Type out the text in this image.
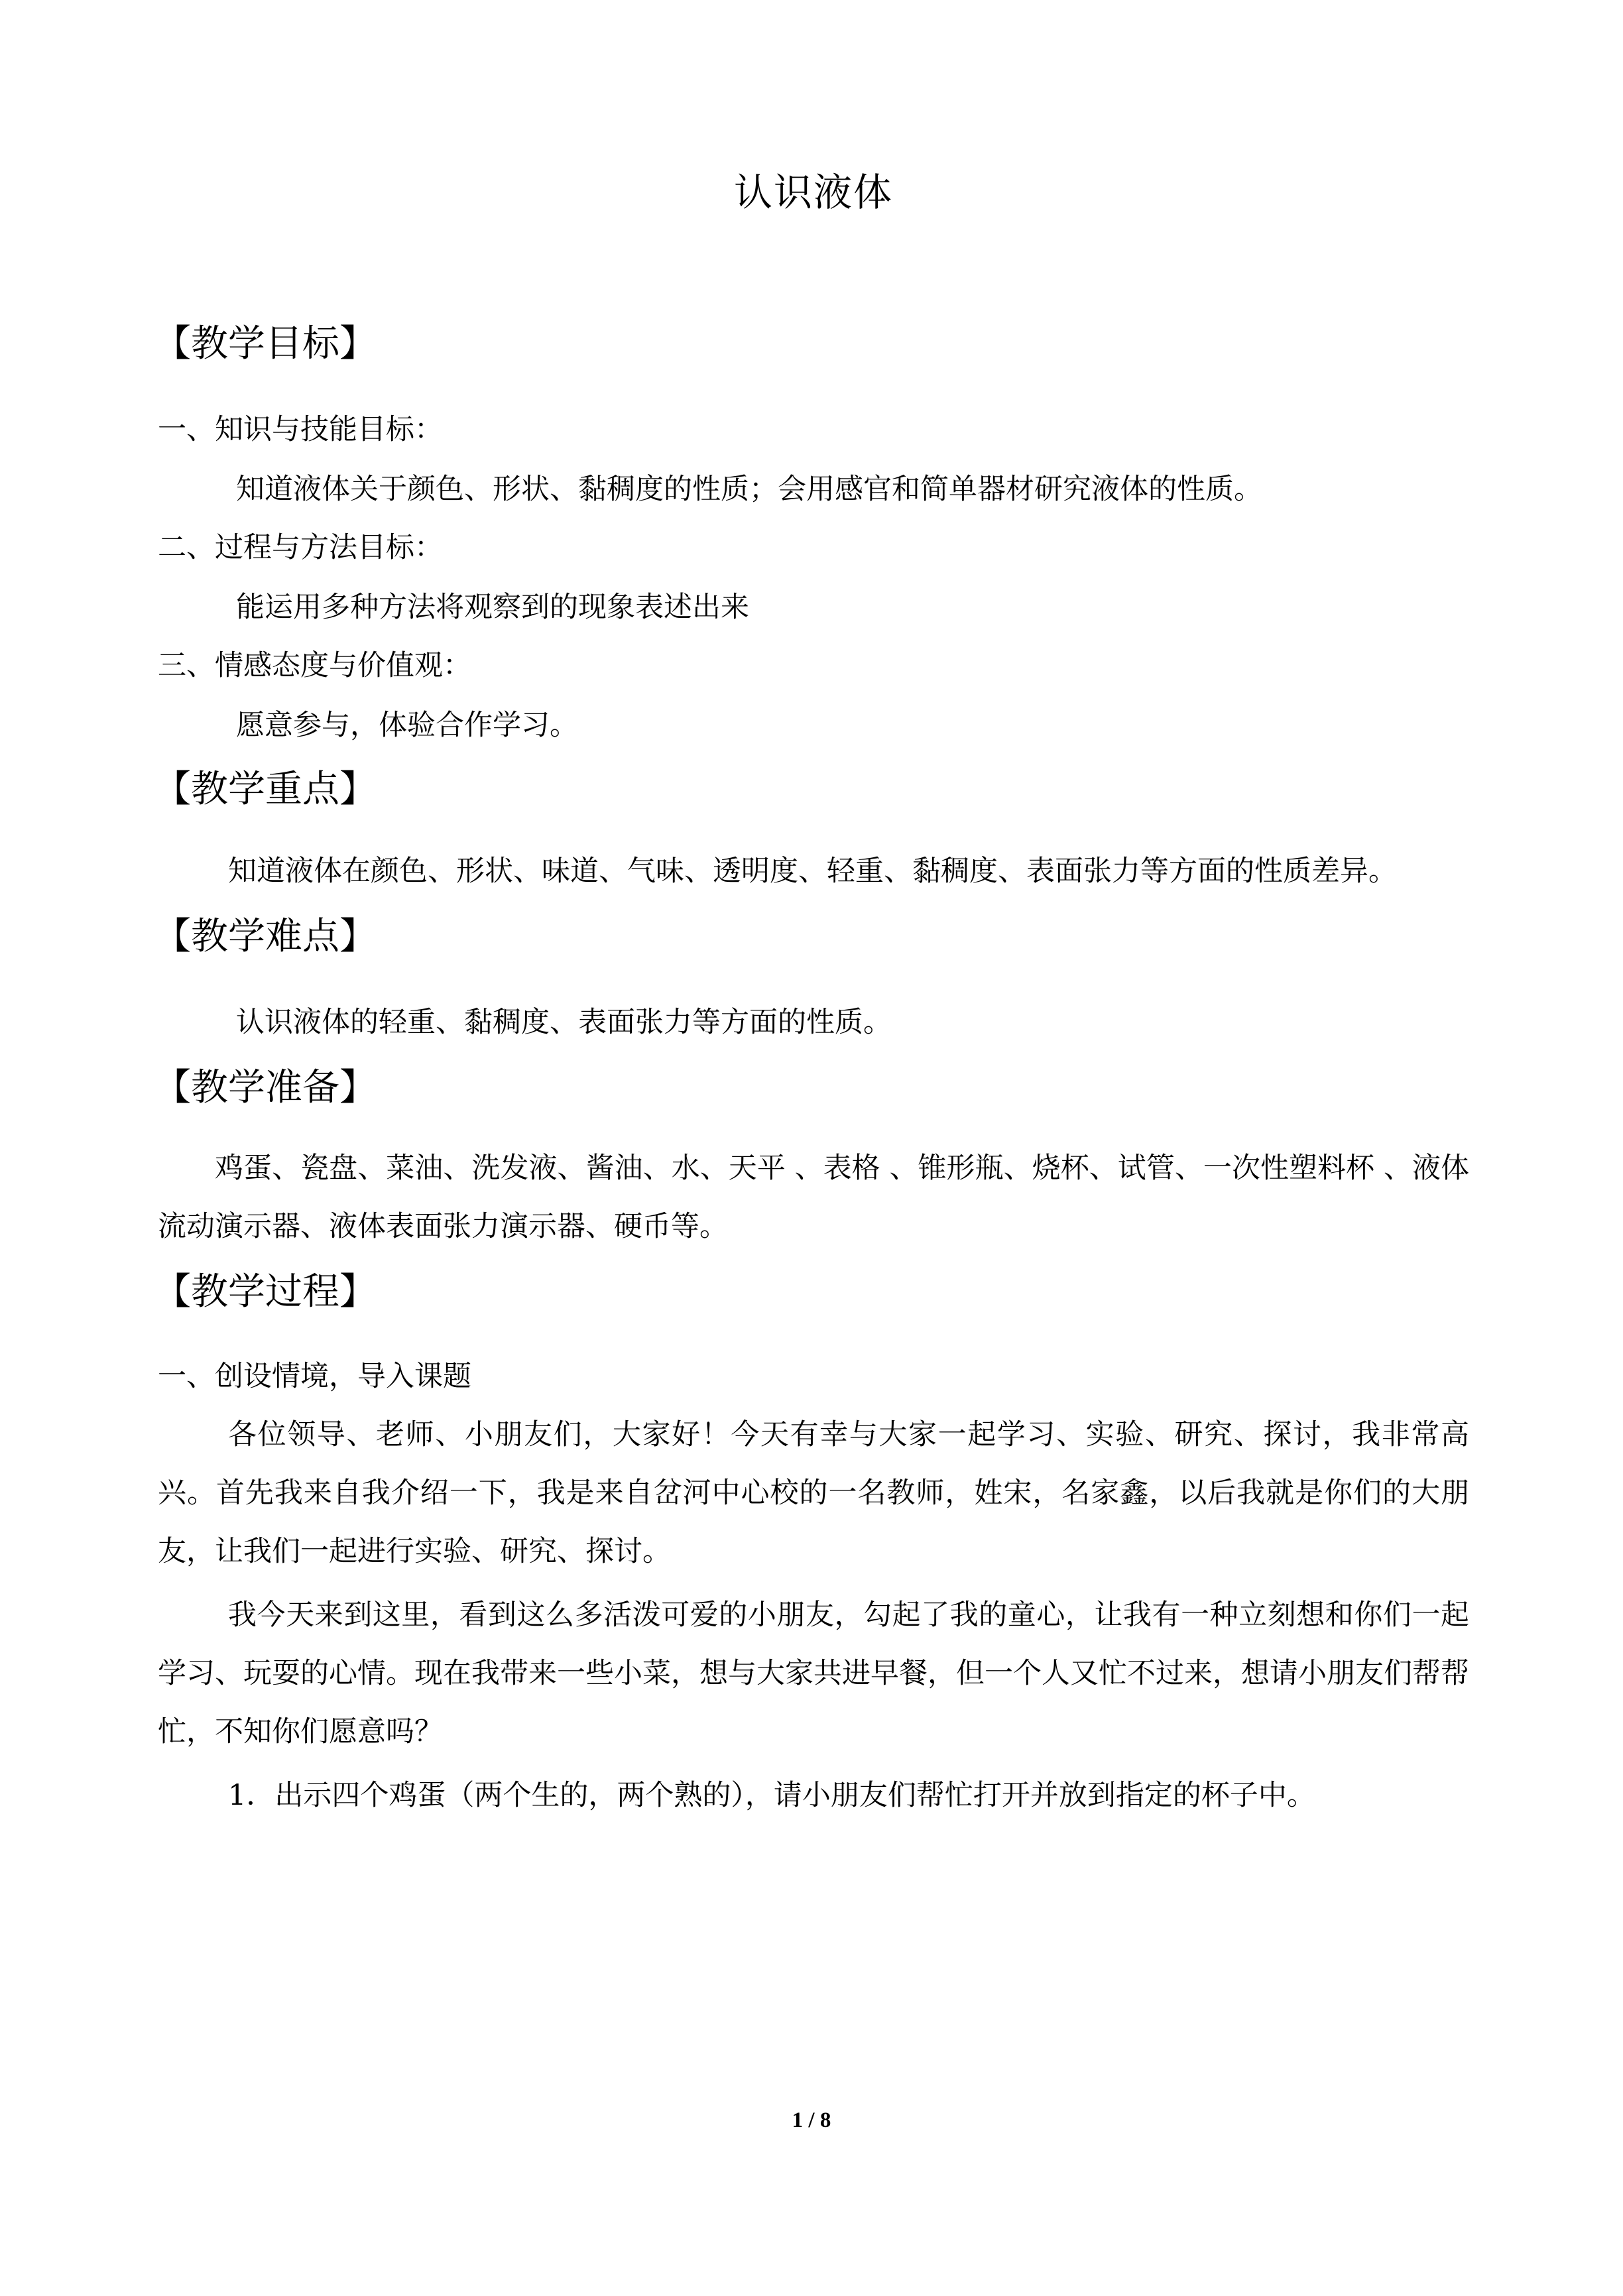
认识液体
【教学目标】
一、知识与技能目标：
知道液体关于颜色、形状、黏稠度的性质；会用感官和简单器材研究液体的性质。
二、过程与方法目标：
能运用多种方法将观察到的现象表述出来
三、情感态度与价值观：
愿意参与，体验合作学习。
【教学重点】

知道液体在颜色、形状、味道、气味、透明度、轻重、黏稠度、表面张力等方面的性质差异。

【教学难点】

认识液体的轻重、黏稠度、表面张力等方面的性质。

【教学准备】

鸡蛋、瓷盘、菜油、洗发液、酱油、水、天平 、表格 、锥形瓶、烧杯、试管、一次性塑料杯 、液体流动演示器、液体表面张力演示器、硬币等。

【教学过程】
一、创设情境，导入课题

各位领导、老师、小朋友们，大家好！今天有幸与大家一起学习、实验、研究、探讨，我非常高兴。首先我来自我介绍一下，我是来自岔河中心校的一名教师，姓宋，名家鑫，以后我就是你们的大朋友，让我们一起进行实验、研究、探讨。

我今天来到这里，看到这么多活泼可爱的小朋友，勾起了我的童心，让我有一种立刻想和你们一起学习、玩耍的心情。现在我带来一些小菜，想与大家共进早餐，但一个人又忙不过来，想请小朋友们帮帮忙，不知你们愿意吗？

1．出示四个鸡蛋（两个生的，两个熟的），请小朋友们帮忙打开并放到指定的杯子中。

1 / 8
